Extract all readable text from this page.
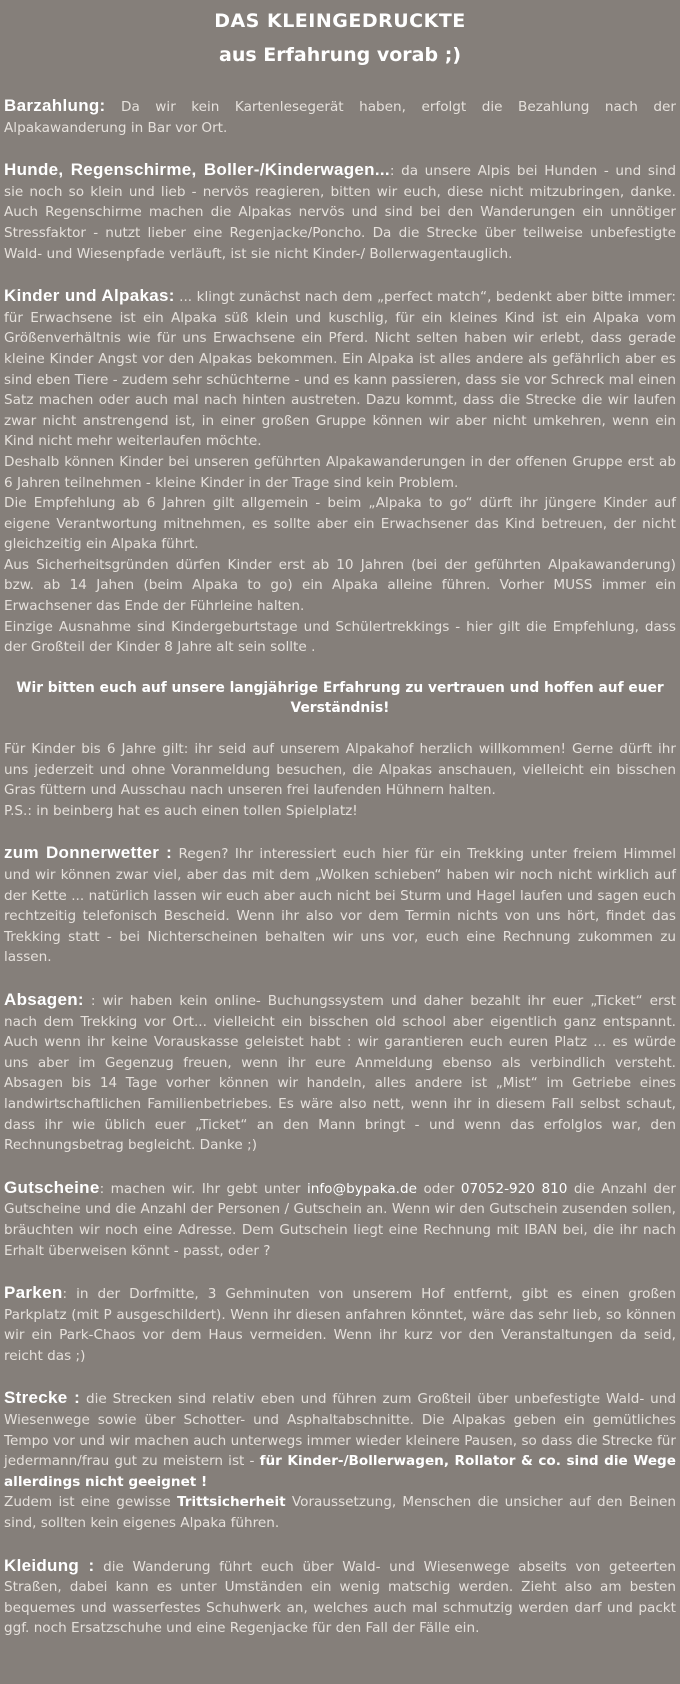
DAS KLEINGEDRUCKTE
aus Erfahrung vorab ;)

Barzahlung: Da wir kein Kartenlesegerät haben, erfolgt die Bezahlung nach der Alpakawanderung in Bar vor Ort.

Hunde, Regenschirme, Boller-/Kinderwagen...: da unsere Alpis bei Hunden - und sind sie noch so klein und lieb - nervös reagieren, bitten wir euch, diese nicht mitzubringen, danke. Auch Regenschirme machen die Alpakas nervös und sind bei den Wanderungen ein unnötiger Stressfaktor - nutzt lieber eine Regenjacke/Poncho. Da die Strecke über teilweise unbefestigte Wald- und Wiesenpfade verläuft, ist sie nicht Kinder-/ Bollerwagentauglich.

Kinder und Alpakas: ... klingt zunächst nach dem „perfect match“, bedenkt aber bitte immer: für Erwachsene ist ein Alpaka süß klein und kuschlig, für ein kleines Kind ist ein Alpaka vom Größenverhältnis wie für uns Erwachsene ein Pferd. Nicht selten haben wir erlebt, dass gerade kleine Kinder Angst vor den Alpakas bekommen. Ein Alpaka ist alles andere als gefährlich aber es sind eben Tiere - zudem sehr schüchterne - und es kann passieren, dass sie vor Schreck mal einen Satz machen oder auch mal nach hinten austreten. Dazu kommt, dass die Strecke die wir laufen zwar nicht anstrengend ist, in einer großen Gruppe können wir aber nicht umkehren, wenn ein Kind nicht mehr weiterlaufen möchte.

Deshalb können Kinder bei unseren geführten Alpakawanderungen in der offenen Gruppe erst ab 6 Jahren teilnehmen - kleine Kinder in der Trage sind kein Problem.

Die Empfehlung ab 6 Jahren gilt allgemein - beim „Alpaka to go“ dürft ihr jüngere Kinder auf eigene Verantwortung mitnehmen, es sollte aber ein Erwachsener das Kind betreuen, der nicht gleichzeitig ein Alpaka führt.

Aus Sicherheitsgründen dürfen Kinder erst ab 10 Jahren (bei der geführten Alpakawanderung) bzw. ab 14 Jahen (beim Alpaka to go) ein Alpaka alleine führen. Vorher MUSS immer ein Erwachsener das Ende der Führleine halten.

Einzige Ausnahme sind Kindergeburtstage und Schülertrekkings - hier gilt die Empfehlung, dass der Großteil der Kinder 8 Jahre alt sein sollte .

Wir bitten euch auf unsere langjährige Erfahrung zu vertrauen und hoffen auf euer Verständnis!

Für Kinder bis 6 Jahre gilt: ihr seid auf unserem Alpakahof herzlich willkommen! Gerne dürft ihr uns jederzeit und ohne Voranmeldung besuchen, die Alpakas anschauen, vielleicht ein bisschen Gras füttern und Ausschau nach unseren frei laufenden Hühnern halten.

P.S.: in beinberg hat es auch einen tollen Spielplatz!

zum Donnerwetter : Regen? Ihr interessiert euch hier für ein Trekking unter freiem Himmel und wir können zwar viel, aber das mit dem „Wolken schieben“ haben wir noch nicht wirklich auf der Kette ... natürlich lassen wir euch aber auch nicht bei Sturm und Hagel laufen und sagen euch rechtzeitig telefonisch Bescheid. Wenn ihr also vor dem Termin nichts von uns hört, findet das Trekking statt - bei Nichterscheinen behalten wir uns vor, euch eine Rechnung zukommen zu lassen.

Absagen: : wir haben kein online- Buchungssystem und daher bezahlt ihr euer „Ticket“ erst nach dem Trekking vor Ort... vielleicht ein bisschen old school aber eigentlich ganz entspannt. Auch wenn ihr keine Vorauskasse geleistet habt : wir garantieren euch euren Platz ... es würde uns aber im Gegenzug freuen, wenn ihr eure Anmeldung ebenso als verbindlich versteht. Absagen bis 14 Tage vorher können wir handeln, alles andere ist „Mist“ im Getriebe eines landwirtschaftlichen Familienbetriebes. Es wäre also nett, wenn ihr in diesem Fall selbst schaut, dass ihr wie üblich euer „Ticket“ an den Mann bringt - und wenn das erfolglos war, den Rechnungsbetrag begleicht. Danke ;)

Gutscheine: machen wir. Ihr gebt unter info@bypaka.de oder 07052-920 810 die Anzahl der Gutscheine und die Anzahl der Personen / Gutschein an. Wenn wir den Gutschein zusenden sollen, bräuchten wir noch eine Adresse. Dem Gutschein liegt eine Rechnung mit IBAN bei, die ihr nach Erhalt überweisen könnt - passt, oder ?

Parken: in der Dorfmitte, 3 Gehminuten von unserem Hof entfernt, gibt es einen großen Parkplatz (mit P ausgeschildert). Wenn ihr diesen anfahren könntet, wäre das sehr lieb, so können wir ein Park-Chaos vor dem Haus vermeiden. Wenn ihr kurz vor den Veranstaltungen da seid, reicht das ;)

Strecke : die Strecken sind relativ eben und führen zum Großteil über unbefestigte Wald- und Wiesenwege sowie über Schotter- und Asphaltabschnitte. Die Alpakas geben ein gemütliches Tempo vor und wir machen auch unterwegs immer wieder kleinere Pausen, so dass die Strecke für jedermann/frau gut zu meistern ist - für Kinder-/Bollerwagen, Rollator & co. sind die Wege allerdings nicht geeignet !

Zudem ist eine gewisse Trittsicherheit Voraussetzung, Menschen die unsicher auf den Beinen sind, sollten kein eigenes Alpaka führen.

Kleidung : die Wanderung führt euch über Wald- und Wiesenwege abseits von geteerten Straßen, dabei kann es unter Umständen ein wenig matschig werden. Zieht also am besten bequemes und wasserfestes Schuhwerk an, welches auch mal schmutzig werden darf und packt ggf. noch Ersatzschuhe und eine Regenjacke für den Fall der Fälle ein.
